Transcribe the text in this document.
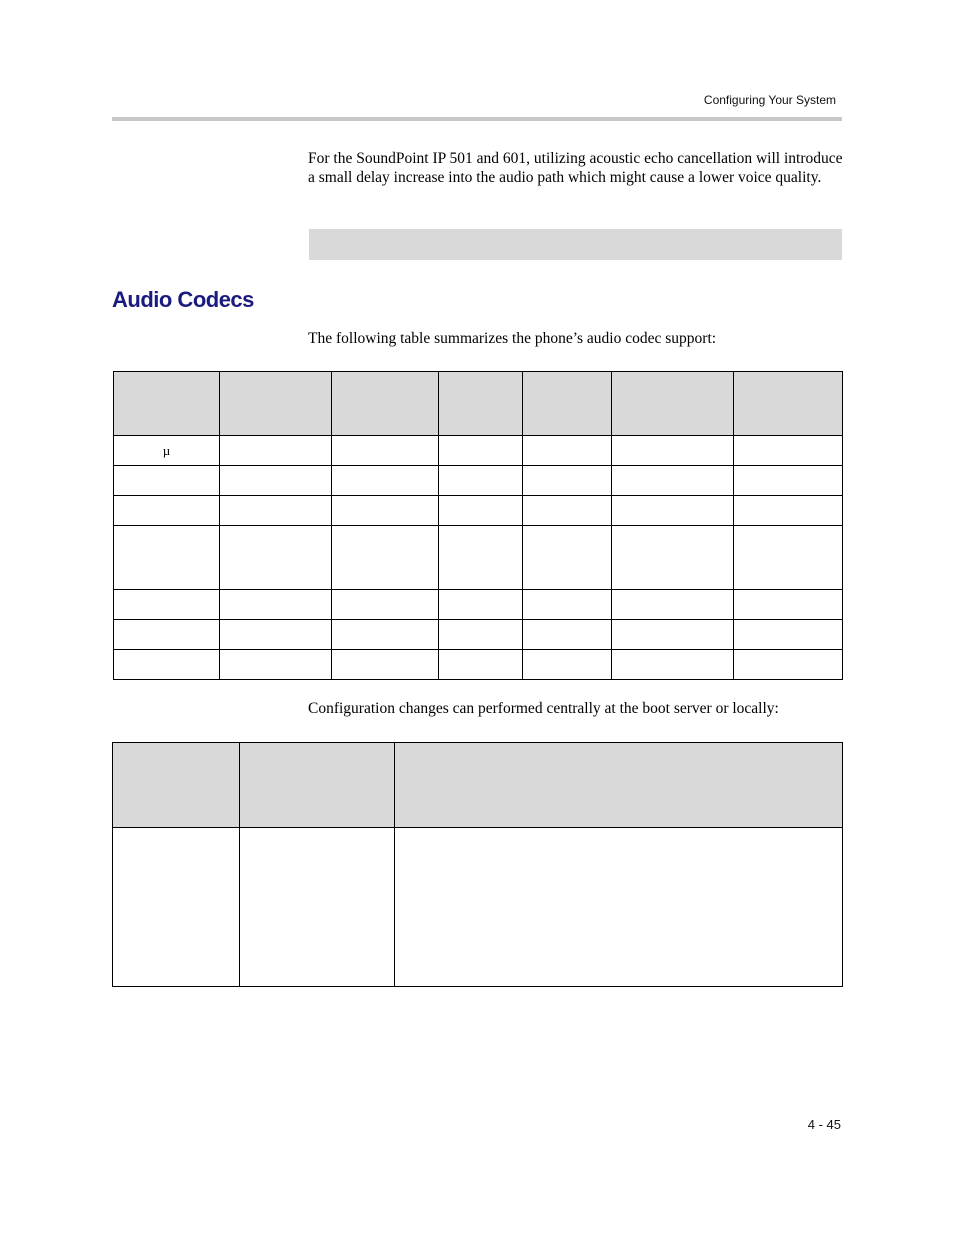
Configuring Your System
For the SoundPoint IP 501 and 601, utilizing acoustic echo cancellation will introduce a small delay increase into the audio path which might cause a lower voice quality.
Audio Codecs
The following table summarizes the phone’s audio codec support:

µ						

Configuration changes can performed centrally at the boot server or locally:

4 - 45
